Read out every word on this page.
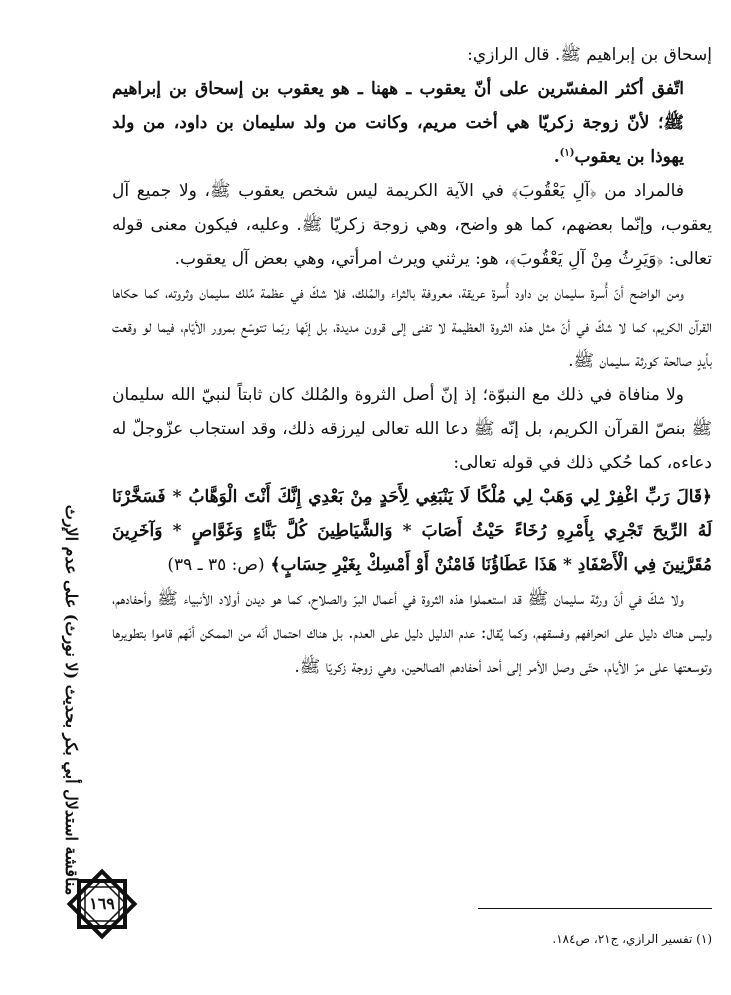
إسحاق بن إبراهيم ﷺ. قال الرازي:

اتّفق أكثر المفسّرين على أنّ يعقوب ـ ههنا ـ هو يعقوب بن إسحاق بن إبراهيم ﷺ؛ لأنّ زوجة زكريّا هي أخت مريم، وكانت من ولد سليمان بن داود، من ولد يهوذا بن يعقوب$^{(١)}$.

فالمراد من ﴿آلِ يَعْقُوبَ﴾ في الآية الكريمة ليس شخص يعقوب ﷺ، ولا جميع آل يعقوب، وإنّما بعضهم، كما هو واضح، وهي زوجة زكريّا ﷺ. وعليه، فيكون معنى قوله تعالى: ﴿وَيَرِثُ مِنْ آلِ يَعْقُوبَ﴾، هو: يرثني ويرث امرأتي، وهي بعض آل يعقوب.

ومن الواضح أنّ أُسرة سليمان بن داود أُسرة عريقة، معروفة بالثراء والمُلك، فلا شكّ في عظمة مُلك سليمان وثروته، كما حكاها القرآن الكريم، كما لا شكّ في أنّ مثل هذه الثروة العظيمة لا تفنى إلى قرون مديدة، بل إنّها ربّما تتوسّع بمرور الأيّام، فيما لو وقعت بأيدٍ صالحة كورثة سليمان ﷺ.

ولا منافاة في ذلك مع النبوّة؛ إذ إنّ أصل الثروة والمُلك كان ثابتاً لنبيّ الله سليمان ﷺ بنصّ القرآن الكريم، بل إنّه ﷺ دعا الله تعالى ليرزقه ذلك، وقد استجاب عزّوجلّ له دعاءه، كما حُكي ذلك في قوله تعالى:

﴿قَالَ رَبِّ اغْفِرْ لِي وَهَبْ لِي مُلْكًا لَا يَنْبَغِي لِأَحَدٍ مِنْ بَعْدِي إِنَّكَ أَنْتَ الْوَهَّابُ * فَسَخَّرْنَا لَهُ الرِّيحَ تَجْرِي بِأَمْرِهِ رُخَاءً حَيْثُ أَصَابَ * وَالشَّيَاطِينَ كُلَّ بَنَّاءٍ وَغَوَّاصٍ * وَآخَرِينَ مُقَرَّنِينَ فِي الْأَصْفَادِ * هَذَا عَطَاؤُنَا فَامْنُنْ أَوْ أَمْسِكْ بِغَيْرِ حِسَابٍ﴾ (ص: ٣٥ ـ ٣٩)

ولا شكّ في أنّ ورثة سليمان ﷺ قد استعملوا هذه الثروة في أعمال البرّ والصلاح، كما هو ديدن أولاد الأنبياء ﷺ وأحفادهم، وليس هناك دليل على انحرافهم وفسقهم، وكما يُقال: عدم الدليل دليل على العدم. بل هناك احتمال أنّه من الممكن أنّهم قاموا بتطويرها وتوسعتها على مرّ الأيام، حتّى وصل الأمر إلى أحد أحفادهم الصالحين، وهي زوجة زكريّا ﷺ.

(١) تفسير الرازي، ج٢١، ص١٨٤.
مناقشة استدلال أبي بكر بحديث (لا نورث) على عدم الإرث
١٦٩
